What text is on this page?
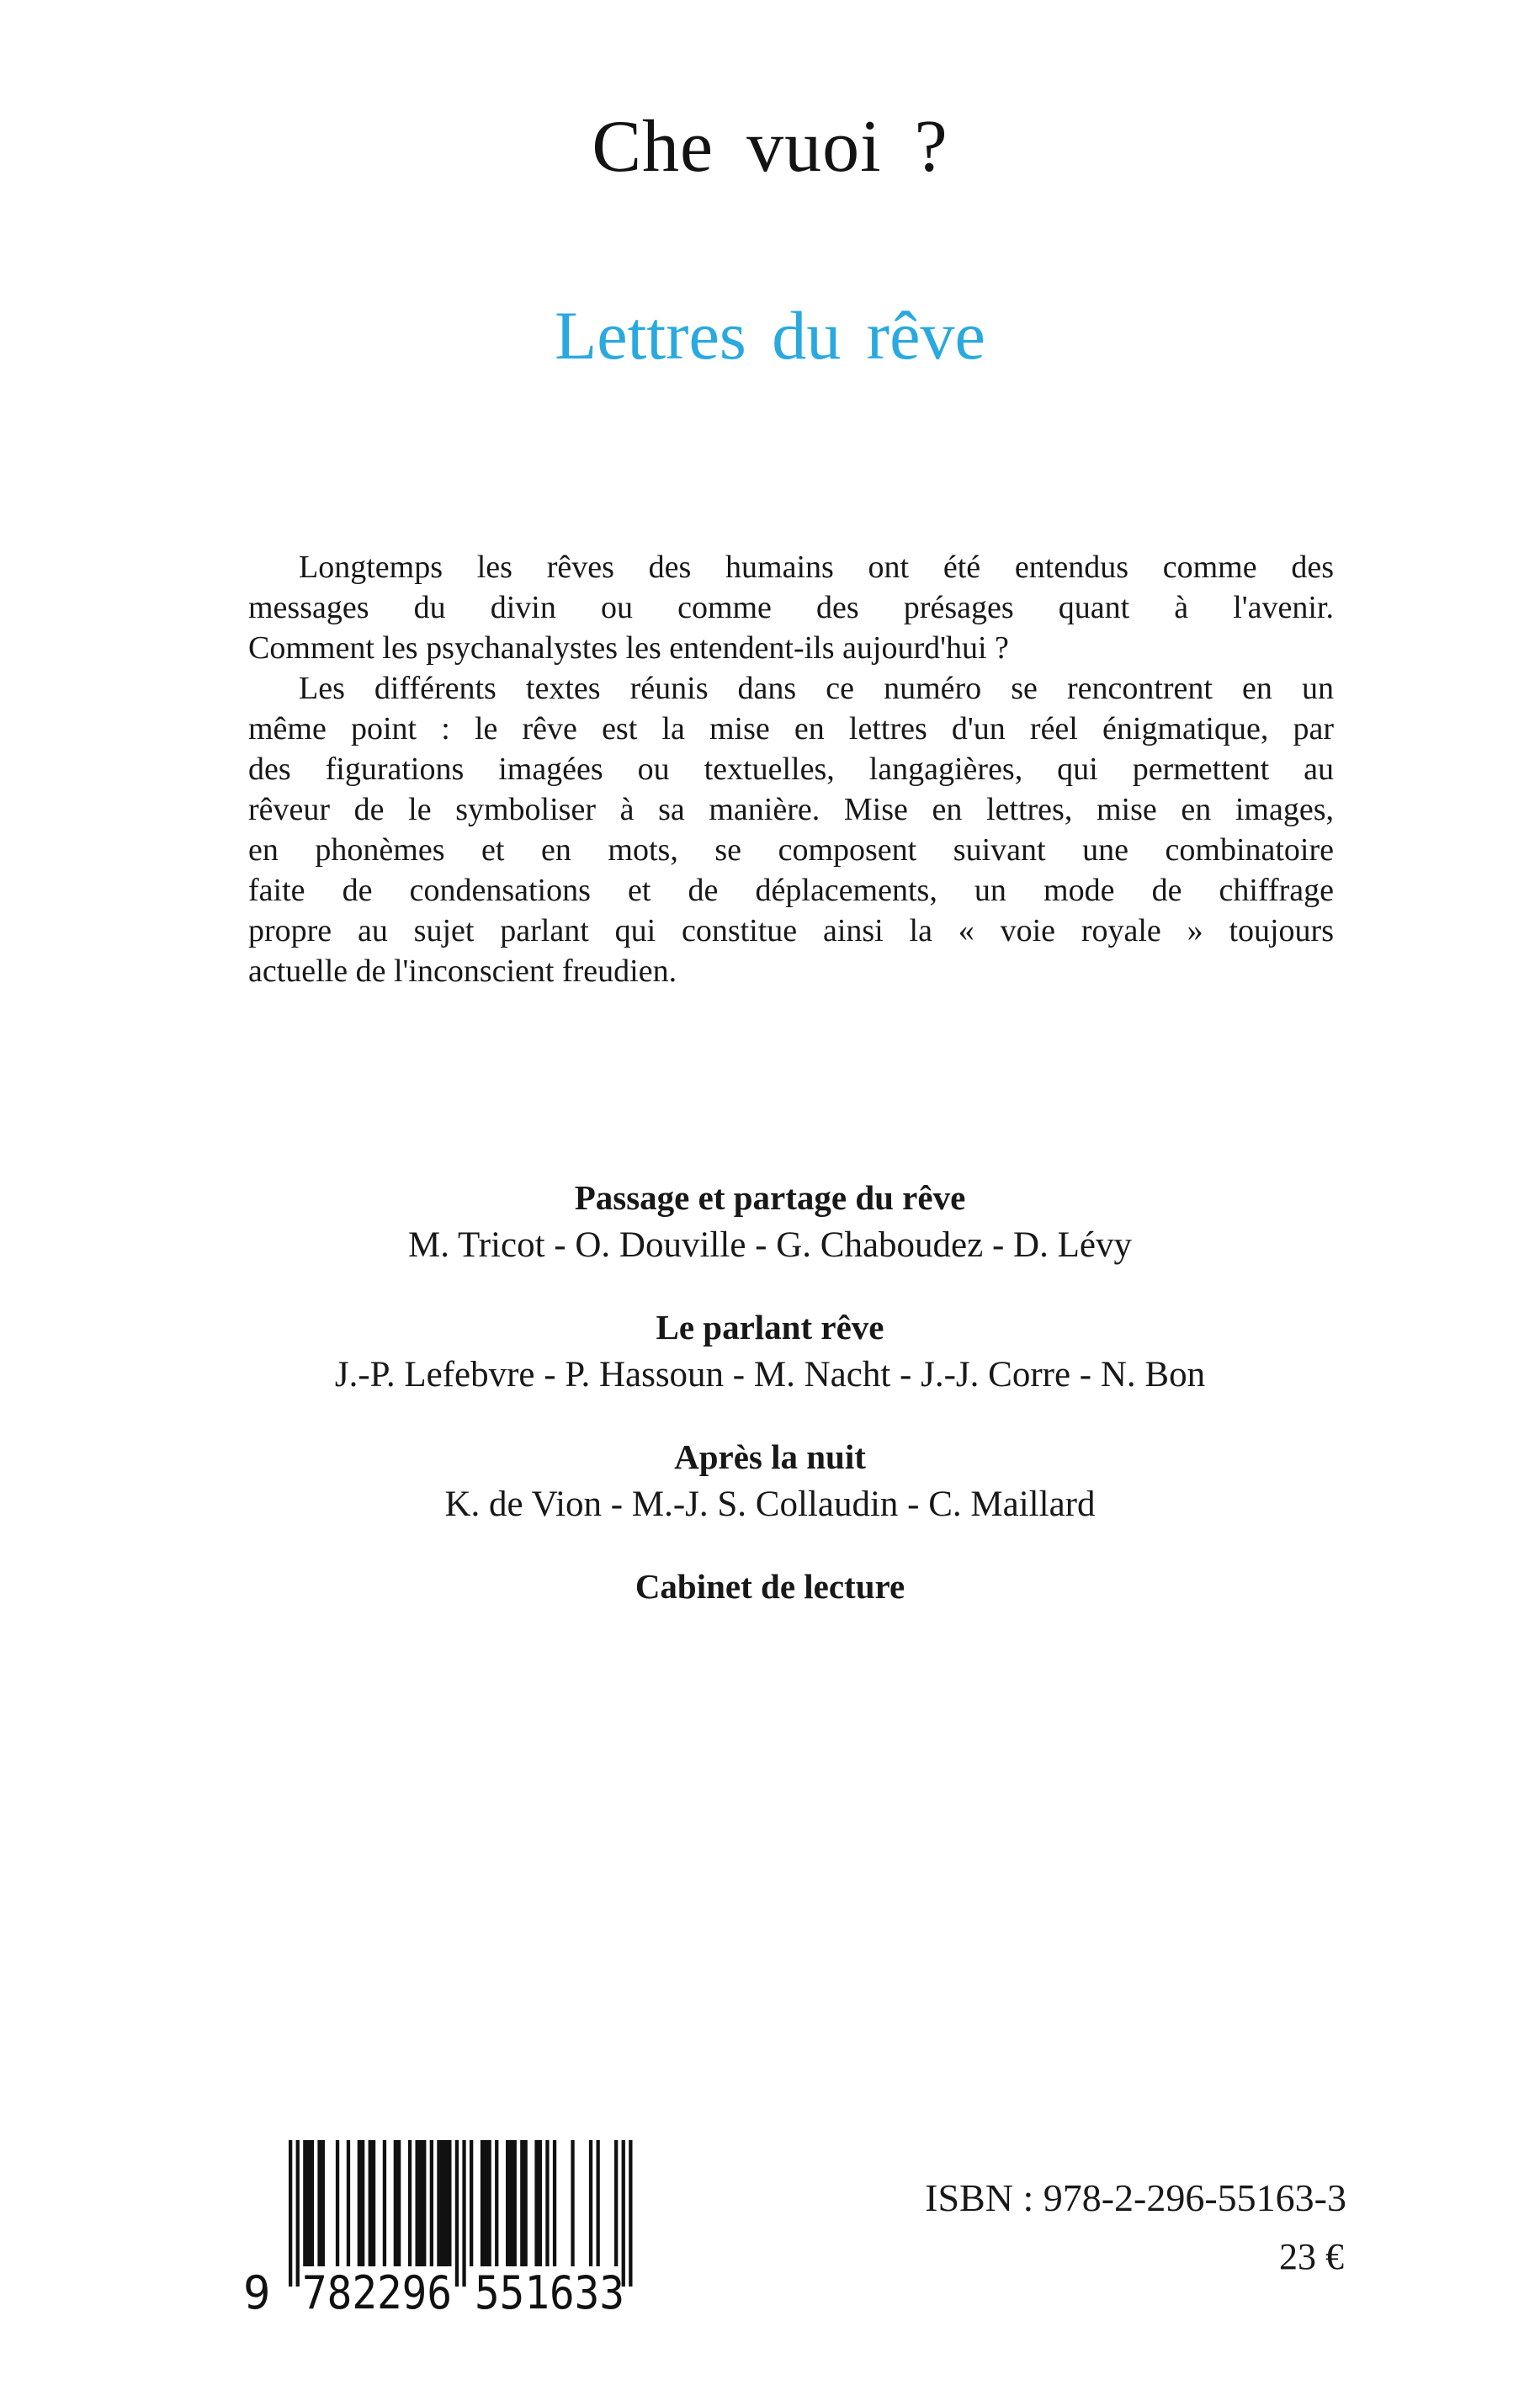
Che vuoi ?
Lettres du rêve
Longtemps les rêves des humains ont été entendus comme des
messages du divin ou comme des présages quant à l'avenir.
Comment les psychanalystes les entendent-ils aujourd'hui ?
Les différents textes réunis dans ce numéro se rencontrent en un
même point : le rêve est la mise en lettres d'un réel énigmatique, par
des figurations imagées ou textuelles, langagières, qui permettent au
rêveur de le symboliser à sa manière. Mise en lettres, mise en images,
en phonèmes et en mots, se composent suivant une combinatoire
faite de condensations et de déplacements, un mode de chiffrage
propre au sujet parlant qui constitue ainsi la « voie royale » toujours
actuelle de l'inconscient freudien.
Passage et partage du rêve
M. Tricot - O. Douville - G. Chaboudez - D. Lévy
Le parlant rêve
J.-P. Lefebvre - P. Hassoun - M. Nacht - J.-J. Corre - N. Bon
Après la nuit
K. de Vion - M.-J. S. Collaudin - C. Maillard
Cabinet de lecture
9 782296 551633
ISBN : 978-2-296-55163-3
23 €
